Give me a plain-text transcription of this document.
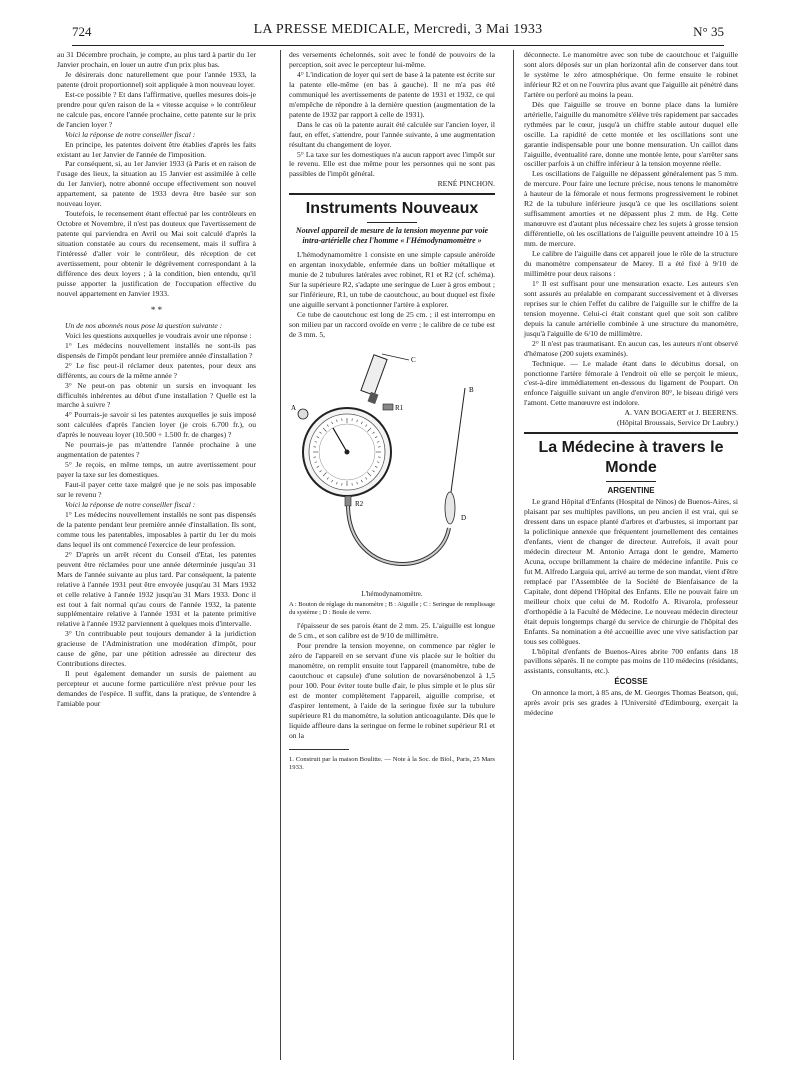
724	LA PRESSE MEDICALE, Mercredi, 3 Mai 1933	N° 35

au 31 Décembre prochain, je compte, au plus tard à partir du 1er Janvier prochain, en louer un autre d'un prix plus bas.

Je désirerais donc naturellement que pour l'année 1933, la patente (droit proportionnel) soit appliquée à mon nouveau loyer.

Est-ce possible ? Et dans l'affirmative, quelles mesures dois-je prendre pour qu'en raison de la « vitesse acquise » le contrôleur ne calcule pas, encore l'année prochaine, cette patente sur le prix de l'ancien loyer ?

Voici la réponse de notre conseiller fiscal :

En principe, les patentes doivent être établies d'après les faits existant au 1er Janvier de l'année de l'imposition.

Par conséquent, si, au 1er Janvier 1933 (à Paris et en raison de l'usage des lieux, la situation au 15 Janvier est assimilée à celle du 1er Janvier), notre abonné occupe effectivement son nouvel appartement, sa patente de 1933 devra être basée sur son nouveau loyer.

Toutefois, le recensement étant effectué par les contrôleurs en Octobre et Novembre, il n'est pas douteux que l'avertissement de patente qui parviendra en Avril ou Mai soit calculé d'après la situation constatée au cours du recensement, mais il suffira à l'intéressé d'aller voir le contrôleur, dès réception de cet avertissement, pour obtenir le dégrèvement correspondant à la différence des deux loyers ; à la condition, bien entendu, qu'il puisse apporter la justification de l'occupation effective du nouvel appartement en Janvier 1933.

* *

Un de nos abonnés nous pose la question suivante :

Voici les questions auxquelles je voudrais avoir une réponse :

1° Les médecins nouvellement installés ne sont-ils pas dispensés de l'impôt pendant leur première année d'installation ?

2° Le fisc peut-il réclamer deux patentes, pour deux ans différents, au cours de la même année ?

3° Ne peut-on pas obtenir un sursis en invoquant les difficultés inhérentes au début d'une installation ? Quelle est la marche à suivre ?

4° Pourrais-je savoir si les patentes auxquelles je suis imposé sont calculées d'après l'ancien loyer (je crois 6.700 fr.), ou d'après le nouveau loyer (10.500 + 1.500 fr. de charges) ?

Ne pourrais-je pas m'attendre l'année prochaine à une augmentation de patentes ?

5° Je reçois, en même temps, un autre avertissement pour payer la taxe sur les domestiques.

Faut-il payer cette taxe malgré que je ne sois pas imposable sur le revenu ?

Voici la réponse de notre conseiller fiscal :

1° Les médecins nouvellement installés ne sont pas dispensés de la patente pendant leur première année d'installation. Ils sont, comme tous les patentables, imposables à partir du 1er du mois dans lequel ils ont commencé l'exercice de leur profession.

2° D'après un arrêt récent du Conseil d'Etat, les patentes peuvent être réclamées pour une année déterminée jusqu'au 31 Mars de l'année suivante au plus tard. Par conséquent, la patente relative à l'année 1931 peut être envoyée jusqu'au 31 Mars 1932 et celle relative à l'année 1932 jusqu'au 31 Mars 1933. Donc il est tout à fait normal qu'au cours de l'année 1932, la patente supplémentaire relative à l'année 1931 et la patente primitive relative à l'année 1932 parviennent à quelques mois d'intervalle.

3° Un contribuable peut toujours demander à la juridiction gracieuse de l'Administration une modération d'impôt, pour cause de gêne, par une pétition adressée au directeur des Contributions directes.

Il peut également demander un sursis de paiement au percepteur et aucune forme particulière n'est prévue pour les demandes de l'espèce. Il suffit, dans la pratique, de s'entendre à l'amiable pour

des versements échelonnés, soit avec le fondé de pouvoirs de la perception, soit avec le percepteur lui-même.

4° L'indication de loyer qui sert de base à la patente est écrite sur la patente elle-même (en bas à gauche). Il ne m'a pas été communiqué les avertissements de patente de 1931 et 1932, ce qui m'empêche de répondre à la dernière question (augmentation de la patente de 1932 par rapport à celle de 1931).

Dans le cas où la patente aurait été calculée sur l'ancien loyer, il faut, en effet, s'attendre, pour l'année suivante, à une augmentation résultant du changement de loyer.

5° La taxe sur les domestiques n'a aucun rapport avec l'impôt sur le revenu. Elle est due même pour les personnes qui ne sont pas passibles de l'impôt général.

RENÉ PINCHON.

Instruments Nouveaux
Nouvel appareil de mesure de la tension moyenne par voie intra-artérielle chez l'homme « l'Hémodynamomètre »

L'hémodynamomètre 1 consiste en une simple capsule anéroïde en argentan inoxydable, enfermée dans un boîtier métallique et munie de 2 tubulures latérales avec robinet, R1 et R2 (cf. schéma). Sur la supérieure R2, s'adapte une seringue de Luer à gros embout ; sur l'inférieure, R1, un tube de caoutchouc, au bout duquel est fixée une aiguille servant à ponctionner l'artère à explorer.

Ce tube de caoutchouc est long de 25 cm. ; il est interrompu en son milieu par un raccord ovoïde en verre ; le calibre de ce tube est de 3 mm. 5,

C
A	R1
R2
D
B
L'hémodynamomètre.
A : Bouton de réglage du manomètre ; B : Aiguille ; C : Seringue de remplissage du système ; D : Boule de verre.

l'épaisseur de ses parois étant de 2 mm. 25. L'aiguille est longue de 5 cm., et son calibre est de 9/10 de millimètre.

Pour prendre la tension moyenne, on commence par régler le zéro de l'appareil en se servant d'une vis placée sur le boîtier du manomètre, on remplit ensuite tout l'appareil (manomètre, tube de caoutchouc et capsule) d'une solution de novarsénobenzol à 1,5 pour 100. Pour éviter toute bulle d'air, le plus simple et le plus sûr est de monter complètement l'appareil, aiguille comprise, et d'aspirer lentement, à l'aide de la seringue fixée sur la tubulure supérieure R1 du manomètre, la solution anticoagulante. Dès que le liquide affleure dans la seringue on ferme le robinet supérieur R1 et on la

1. Construit par la maison Boulitte. — Note à la Soc. de Biol., Paris, 25 Mars 1933.

déconnecte. Le manomètre avec son tube de caoutchouc et l'aiguille sont alors déposés sur un plan horizontal afin de conserver dans tout le système le zéro atmosphérique. On ferme ensuite le robinet inférieur R2 et on ne l'ouvrira plus avant que l'aiguille ait pénétré dans l'artère ou perforé au moins la peau.

Dès que l'aiguille se trouve en bonne place dans la lumière artérielle, l'aiguille du manomètre s'élève très rapidement par saccades rythmées par le cœur, jusqu'à un chiffre stable autour duquel elle oscille. La rapidité de cette montée et les oscillations sont une garantie indispensable pour une bonne mensuration. Un caillot dans l'aiguille, éventualité rare, donne une montée lente, pour s'arrêter sans osciller parfois à un chiffre inférieur à la tension moyenne réelle.

Les oscillations de l'aiguille ne dépassent généralement pas 5 mm. de mercure. Pour faire une lecture précise, nous tenons le manomètre à hauteur de la fémorale et nous fermons progressivement le robinet R2 de la tubulure inférieure jusqu'à ce que les oscillations soient suffisamment amorties et ne dépassent plus 2 mm. de Hg. Cette manœuvre est d'autant plus nécessaire chez les sujets à grosse tension différentielle, où les oscillations de l'aiguille peuvent atteindre 10 à 15 mm. de mercure.

Le calibre de l'aiguille dans cet appareil joue le rôle de la structure du manomètre compensateur de Marey. Il a été fixé à 9/10 de millimètre pour deux raisons :

1° Il est suffisant pour une mensuration exacte. Les auteurs s'en sont assurés au préalable en comparant successivement et à diverses reprises sur le chien l'effet du calibre de l'aiguille sur le chiffre de la tension moyenne. Celui-ci était constant quel que soit son calibre depuis la canule artérielle combinée à une structure du manomètre, jusqu'à l'aiguille de 6/10 de millimètre.

2° Il n'est pas traumatisant. En aucun cas, les auteurs n'ont observé d'hématose (200 sujets examinés).

Technique. — Le malade étant dans le décubitus dorsal, on ponctionne l'artère fémorale à l'endroit où elle se perçoit le mieux, c'est-à-dire immédiatement en-dessous du ligament de Poupart. On enfonce l'aiguille suivant un angle d'environ 80°, le biseau dirigé vers l'amont. Cette manœuvre est indolore.

A. VAN BOGAERT et J. BEERENS.

(Hôpital Broussais, Service Dr Laubry.)

La Médecine à travers le Monde
ARGENTINE

Le grand Hôpital d'Enfants (Hospital de Ninos) de Buenos-Aires, si plaisant par ses multiples pavillons, un peu ancien il est vrai, qui se dressent dans un espace planté d'arbres et d'arbustes, si important par la policlinique annexée que fréquentent journellement des centaines d'enfants, vient de changer de directeur. Autrefois, il avait pour médecin directeur M. Antonio Arraga dont le gendre, Mamerto Acuna, occupe brillamment la chaire de médecine infantile. Puis ce fut M. Alfredo Larguia qui, arrivé au terme de son mandat, vient d'être remplacé par l'Assemblée de la Société de Bienfaisance de la Capitale, dont dépend l'Hôpital des Enfants. Elle ne pouvait faire un meilleur choix que celui de M. Rodolfo A. Rivarola, professeur d'orthopédie à la Faculté de Médecine. Le nouveau médecin directeur était depuis longtemps chargé du service de chirurgie de l'hôpital des Enfants. Sa nomination a été accueillie avec une vive satisfaction par tous ses collègues.

L'hôpital d'enfants de Buenos-Aires abrite 700 enfants dans 18 pavillons séparés. Il ne compte pas moins de 110 médecins (résidants, assistants, consultants, etc.).

ÉCOSSE

On annonce la mort, à 85 ans, de M. Georges Thomas Beatson, qui, après avoir pris ses grades à l'Université d'Edimbourg, exerçait la médecine
